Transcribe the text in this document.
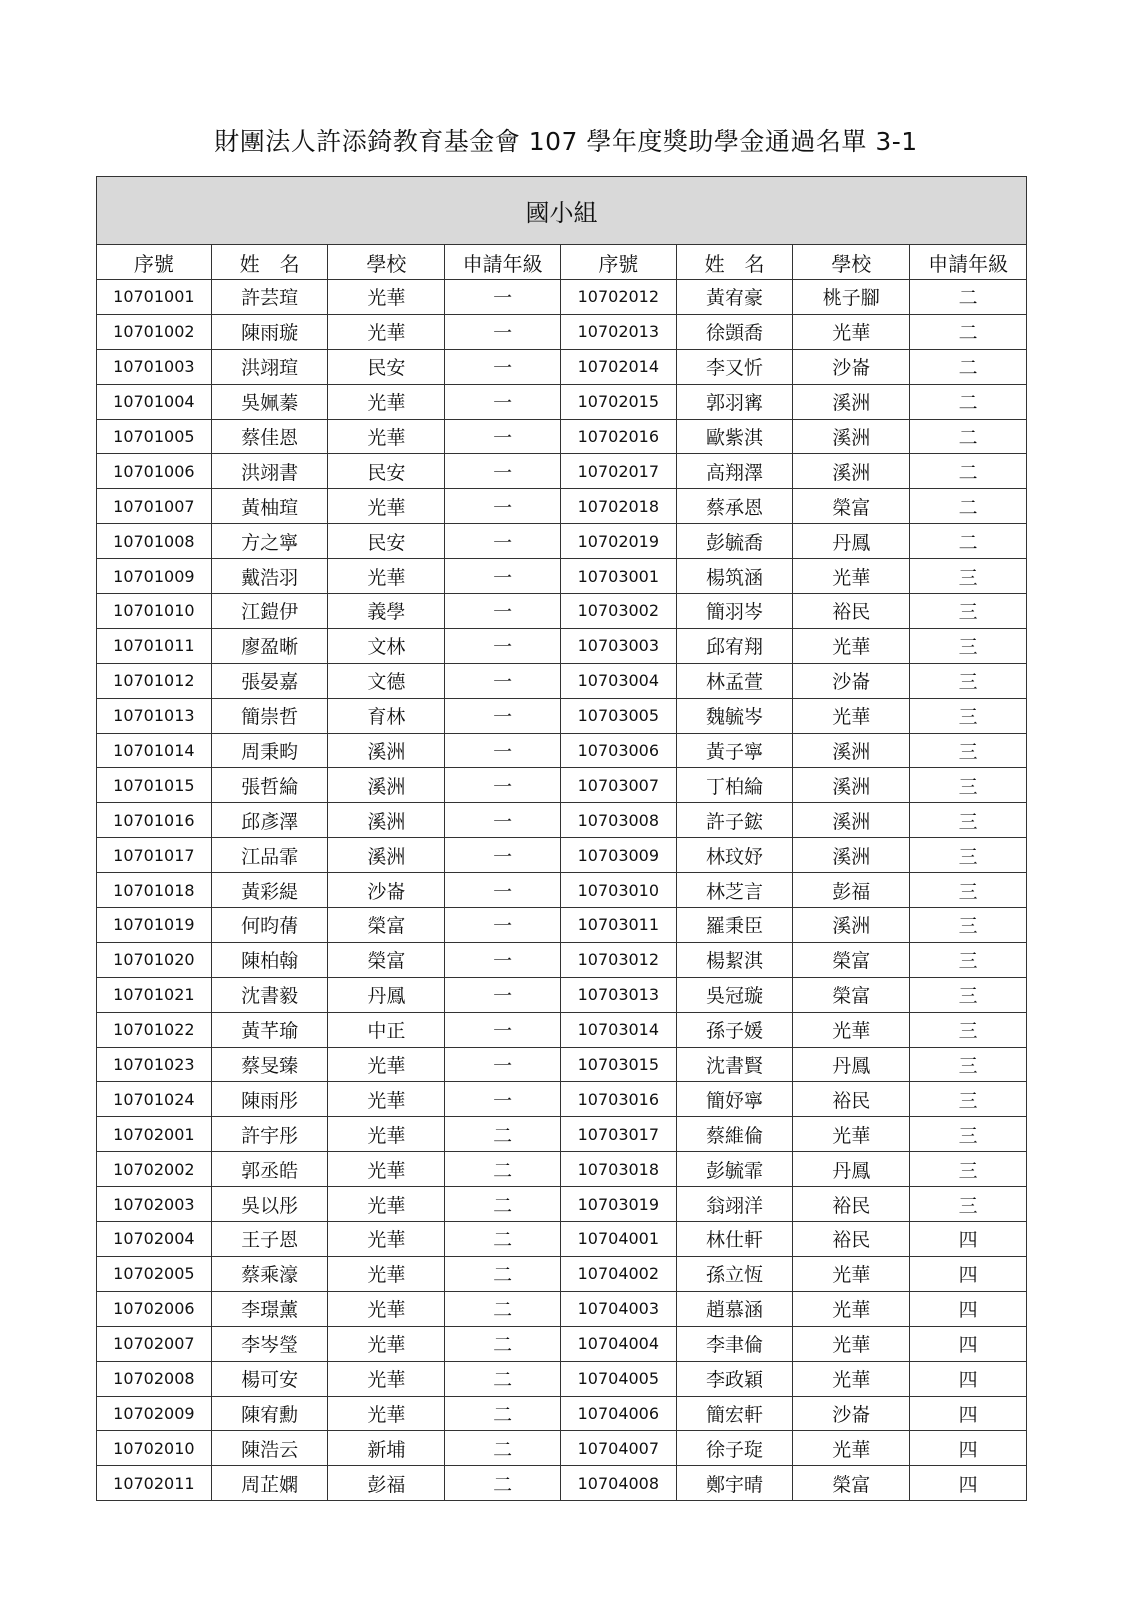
財團法人許添錡教育基金會 107 學年度獎助學金通過名單 3-1
國小組							
序號	姓　名	學校	申請年級	序號	姓　名	學校	申請年級
10701001	許芸瑄	光華	一	10702012	黃宥豪	桃子腳	二
10701002	陳雨璇	光華	一	10702013	徐顗喬	光華	二
10701003	洪翊瑄	民安	一	10702014	李又忻	沙崙	二
10701004	吳姵蓁	光華	一	10702015	郭羽寗	溪洲	二
10701005	蔡佳恩	光華	一	10702016	歐紫淇	溪洲	二
10701006	洪翊書	民安	一	10702017	高翔澤	溪洲	二
10701007	黃柚瑄	光華	一	10702018	蔡承恩	榮富	二
10701008	方之寧	民安	一	10702019	彭毓喬	丹鳳	二
10701009	戴浩羽	光華	一	10703001	楊筑涵	光華	三
10701010	江鎧伊	義學	一	10703002	簡羽岑	裕民	三
10701011	廖盈晰	文林	一	10703003	邱宥翔	光華	三
10701012	張晏嘉	文德	一	10703004	林孟萱	沙崙	三
10701013	簡崇哲	育林	一	10703005	魏毓岑	光華	三
10701014	周秉畇	溪洲	一	10703006	黃子寧	溪洲	三
10701015	張哲綸	溪洲	一	10703007	丁柏綸	溪洲	三
10701016	邱彥澤	溪洲	一	10703008	許子鋐	溪洲	三
10701017	江品霏	溪洲	一	10703009	林玟妤	溪洲	三
10701018	黃彩緹	沙崙	一	10703010	林芝言	彭福	三
10701019	何昀蒨	榮富	一	10703011	羅秉臣	溪洲	三
10701020	陳柏翰	榮富	一	10703012	楊絜淇	榮富	三
10701021	沈書毅	丹鳳	一	10703013	吳冠璇	榮富	三
10701022	黃芊瑜	中正	一	10703014	孫子媛	光華	三
10701023	蔡旻臻	光華	一	10703015	沈書賢	丹鳳	三
10701024	陳雨彤	光華	一	10703016	簡妤寧	裕民	三
10702001	許宇彤	光華	二	10703017	蔡維倫	光華	三
10702002	郭丞皓	光華	二	10703018	彭毓霏	丹鳳	三
10702003	吳以彤	光華	二	10703019	翁翊洋	裕民	三
10702004	王子恩	光華	二	10704001	林仕軒	裕民	四
10702005	蔡乘濠	光華	二	10704002	孫立恆	光華	四
10702006	李璟薰	光華	二	10704003	趙慕涵	光華	四
10702007	李岑瑩	光華	二	10704004	李聿倫	光華	四
10702008	楊可安	光華	二	10704005	李政穎	光華	四
10702009	陳宥勳	光華	二	10704006	簡宏軒	沙崙	四
10702010	陳浩云	新埔	二	10704007	徐子琁	光華	四
10702011	周芷嫻	彭福	二	10704008	鄭宇晴	榮富	四
